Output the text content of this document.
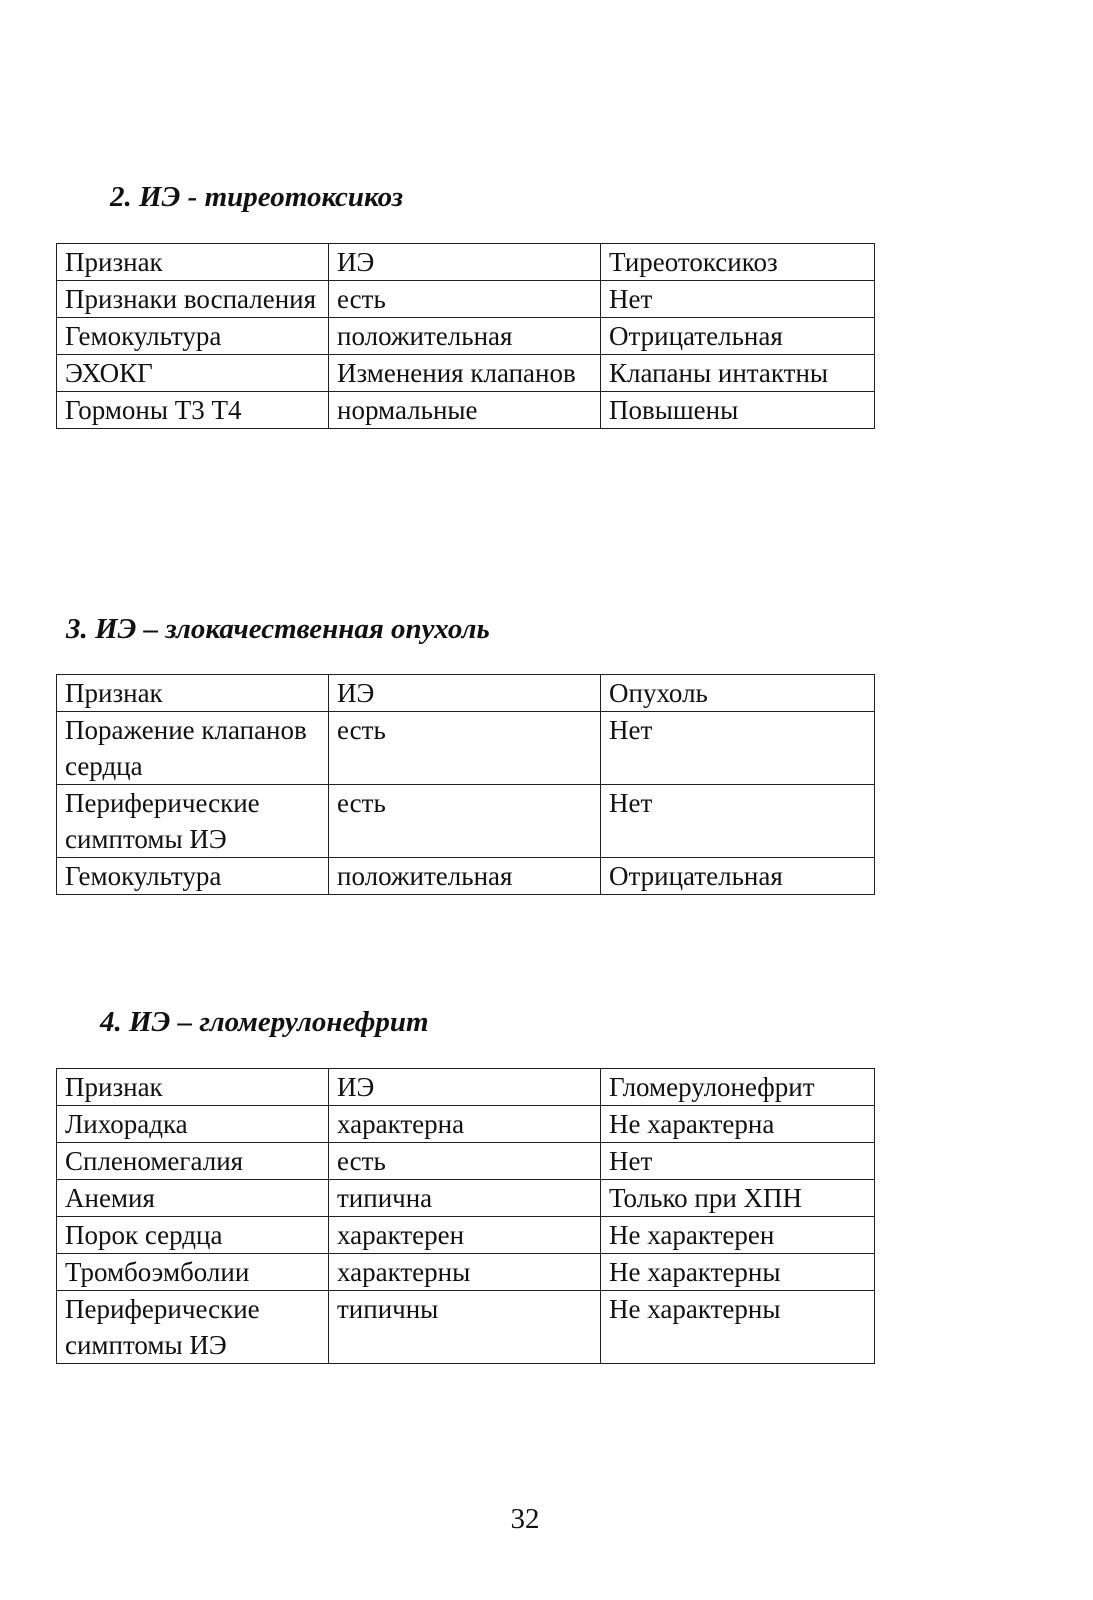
2. ИЭ - тиреотоксикоз
Признак	ИЭ	Тиреотоксикоз
Признаки воспаления	есть	Нет
Гемокультура	положительная	Отрицательная
ЭХОКГ	Изменения клапанов	Клапаны интактны
Гормоны Т3 Т4	нормальные	Повышены
3. ИЭ – злокачественная опухоль
Признак	ИЭ	Опухоль
Поражение клапанов сердца	есть	Нет
Периферические симптомы ИЭ	есть	Нет
Гемокультура	положительная	Отрицательная
4. ИЭ – гломерулонефрит
Признак	ИЭ	Гломерулонефрит
Лихорадка	характерна	Не характерна
Спленомегалия	есть	Нет
Анемия	типична	Только при ХПН
Порок сердца	характерен	Не характерен
Тромбоэмболии	характерны	Не характерны
Периферические симптомы ИЭ	типичны	Не характерны
32
